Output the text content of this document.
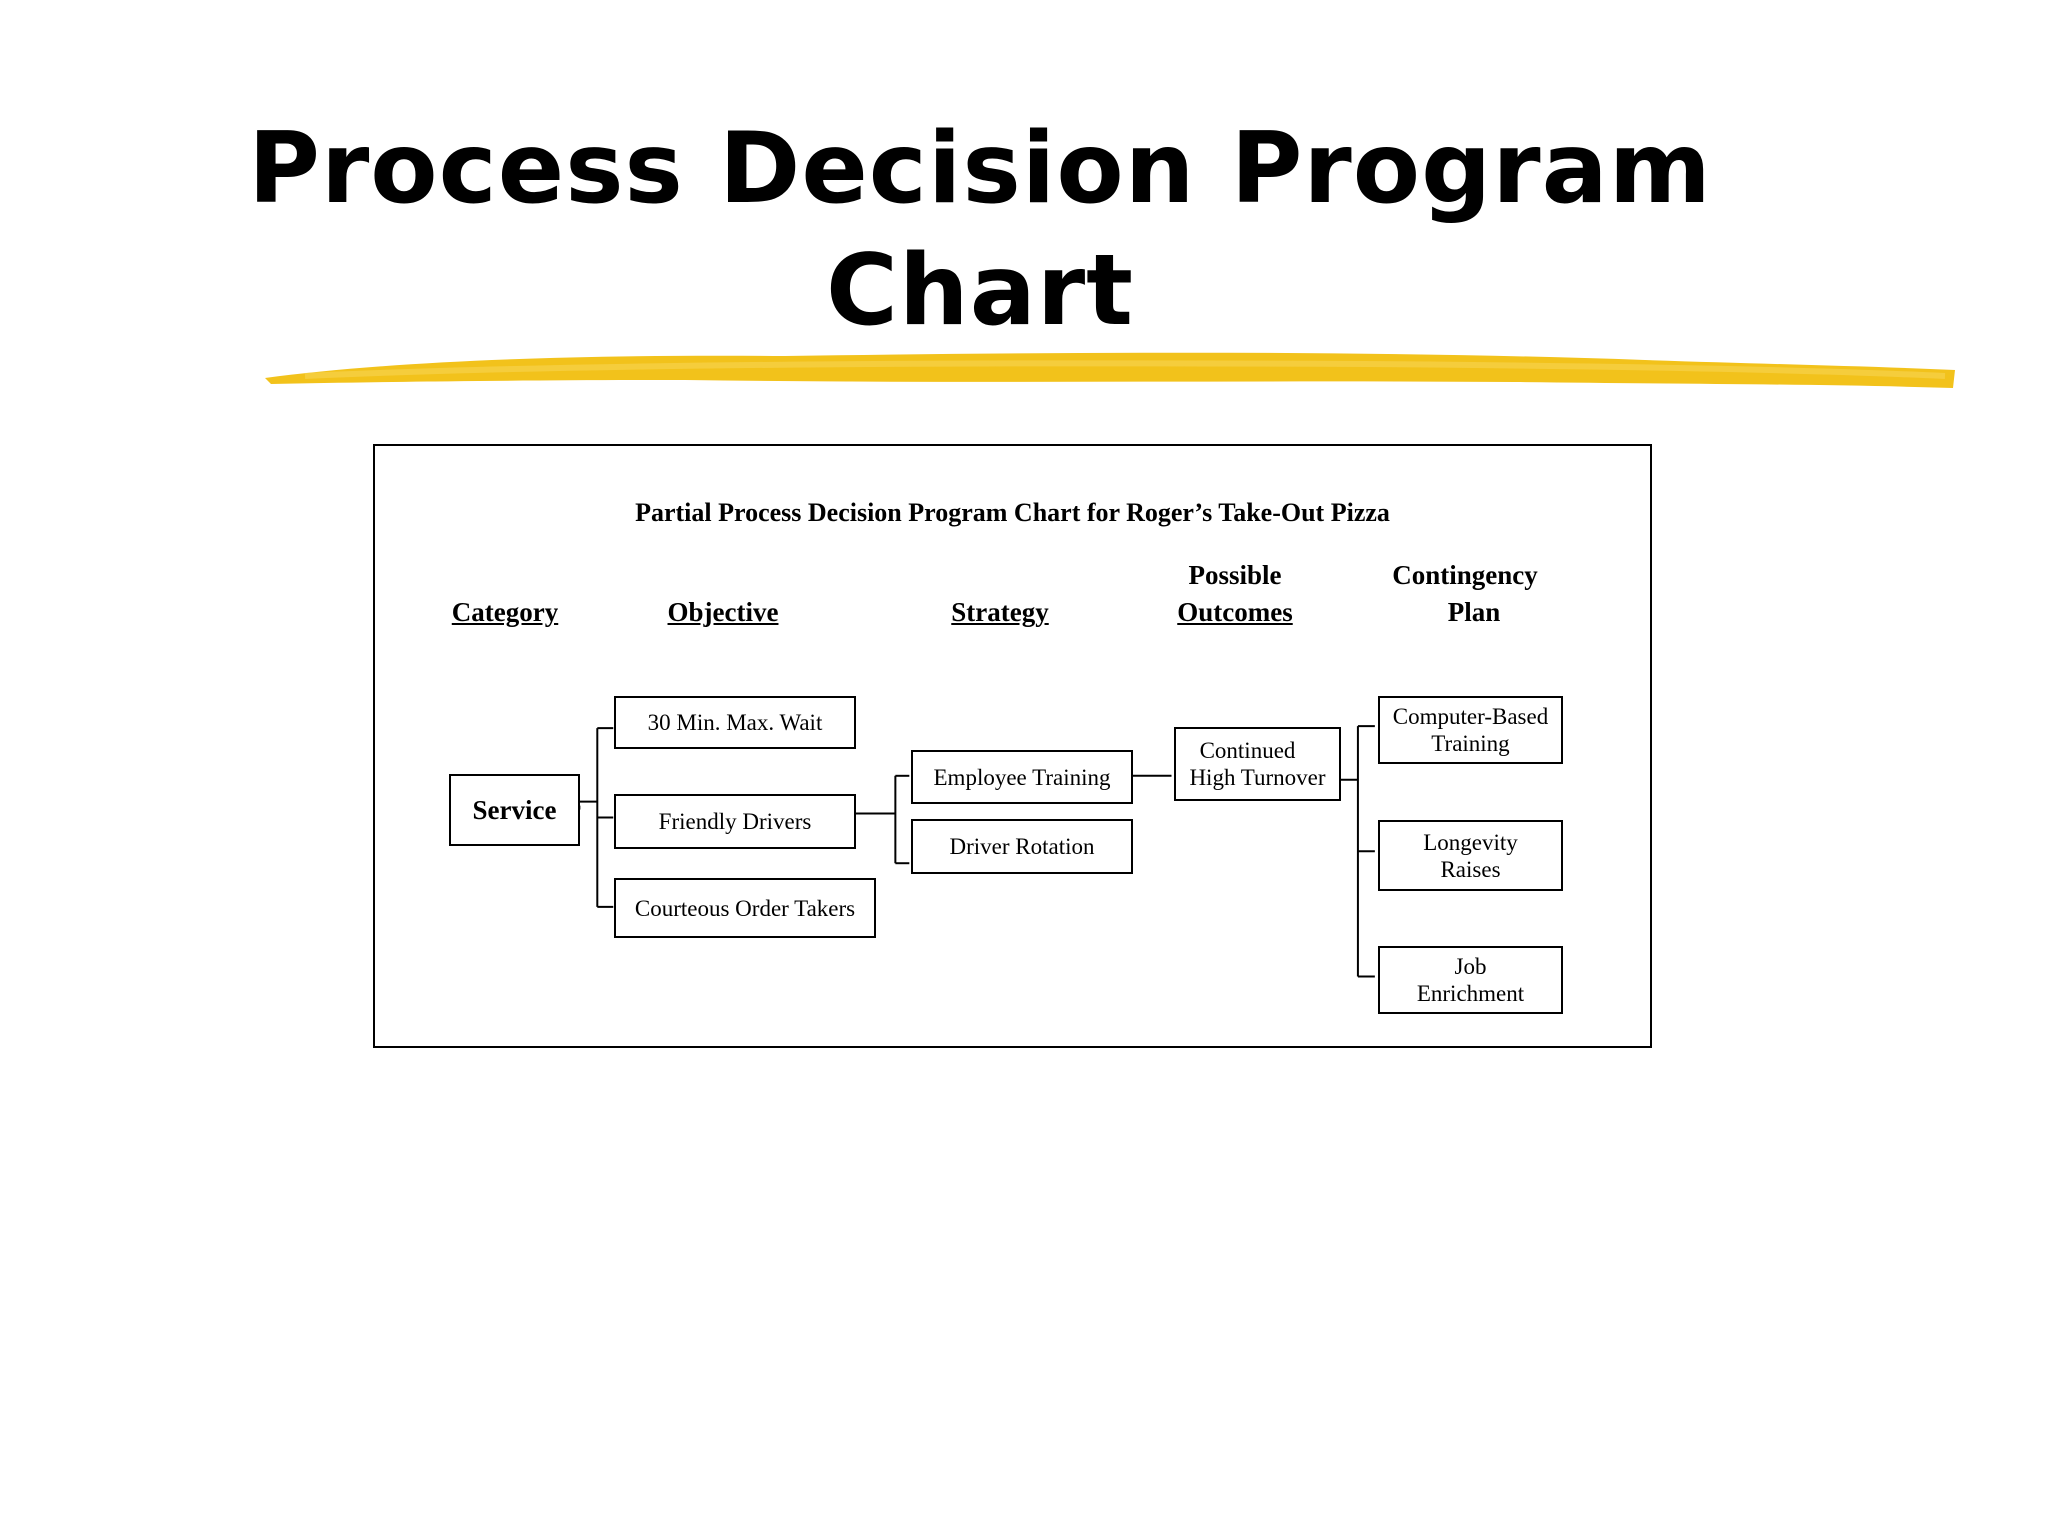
Process Decision Program
Chart
Partial Process Decision Program Chart for Roger’s Take-Out Pizza
Category	Objective	Strategy
Possible
Outcomes
Contingency
Plan
Service
30 Min. Max. Wait
Friendly Drivers
Courteous Order Takers
Employee Training
Driver Rotation
Continued
High Turnover
Computer-Based
Training
Longevity
Raises
Job
Enrichment
